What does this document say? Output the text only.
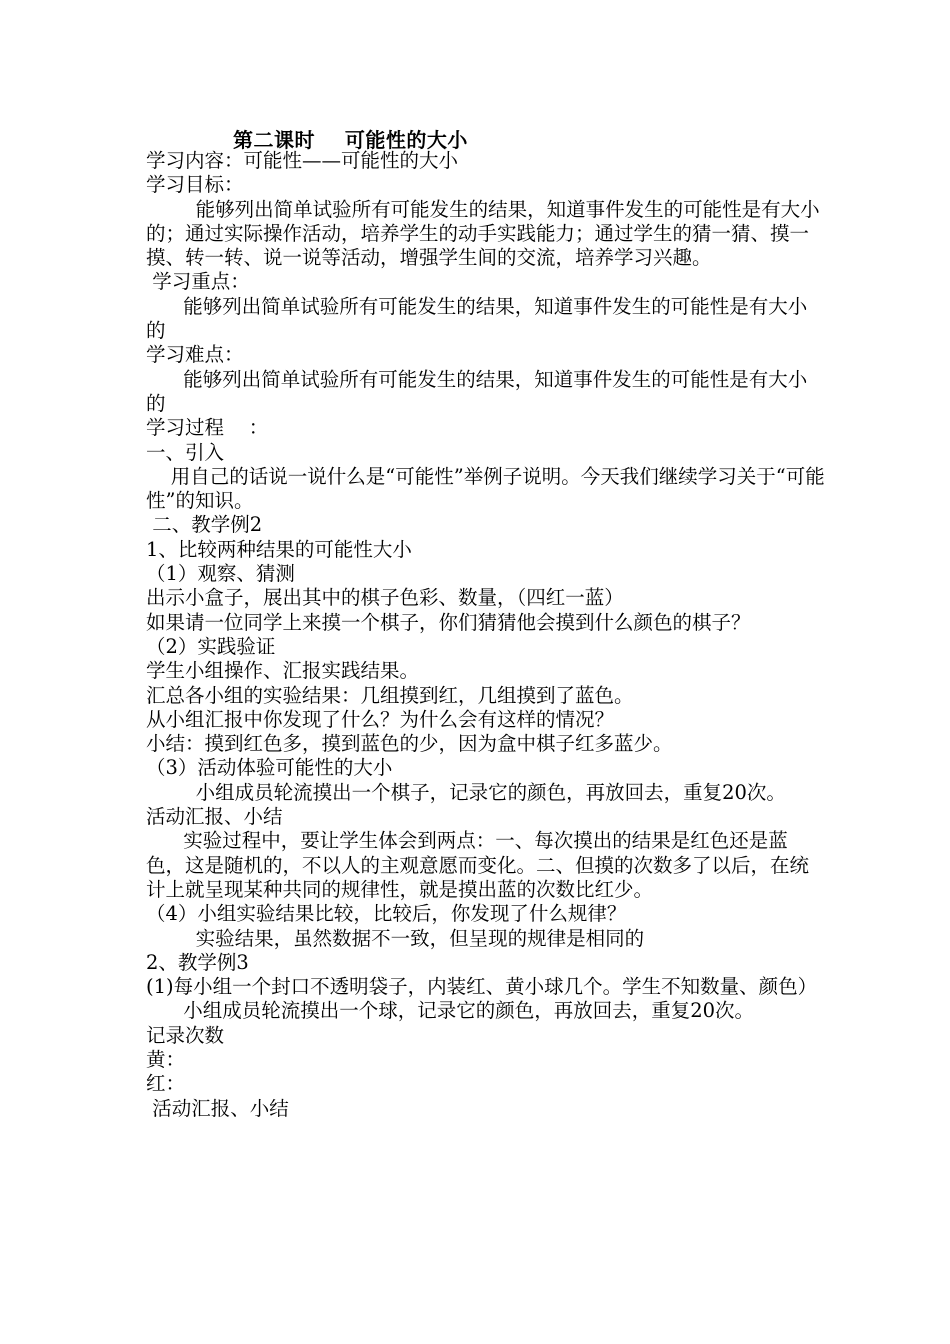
第二课时    可能性的大小

学习内容：可能性——可能性的大小

学习目标：

能够列出简单试验所有可能发生的结果，知道事件发生的可能性是有大小的；通过实际操作活动，培养学生的动手实践能力；通过学生的猜一猜、摸一摸、转一转、说一说等活动，增强学生间的交流，培养学习兴趣。

学习重点：

能够列出简单试验所有可能发生的结果，知道事件发生的可能性是有大小的

学习难点：

能够列出简单试验所有可能发生的结果，知道事件发生的可能性是有大小的

学习过程    ：

一、引入

用自己的话说一说什么是“可能性”举例子说明。今天我们继续学习关于“可能性”的知识。

二、教学例2

1、比较两种结果的可能性大小

（1）观察、猜测

出示小盒子，展出其中的棋子色彩、数量，（四红一蓝）

如果请一位同学上来摸一个棋子，你们猜猜他会摸到什么颜色的棋子？

（2）实践验证

学生小组操作、汇报实践结果。

汇总各小组的实验结果：几组摸到红，几组摸到了蓝色。

从小组汇报中你发现了什么？为什么会有这样的情况？

小结：摸到红色多，摸到蓝色的少，因为盒中棋子红多蓝少。

（3）活动体验可能性的大小

小组成员轮流摸出一个棋子，记录它的颜色，再放回去，重复20次。

活动汇报、小结

实验过程中，要让学生体会到两点：一、每次摸出的结果是红色还是蓝色，这是随机的，不以人的主观意愿而变化。二、但摸的次数多了以后，在统计上就呈现某种共同的规律性，就是摸出蓝的次数比红少。

（4）小组实验结果比较，比较后，你发现了什么规律？

实验结果，虽然数据不一致，但呈现的规律是相同的

2、教学例3

(1)每小组一个封口不透明袋子，内装红、黄小球几个。学生不知数量、颜色）

小组成员轮流摸出一个球，记录它的颜色，再放回去，重复20次。

记录次数

黄：

红：

活动汇报、小结
